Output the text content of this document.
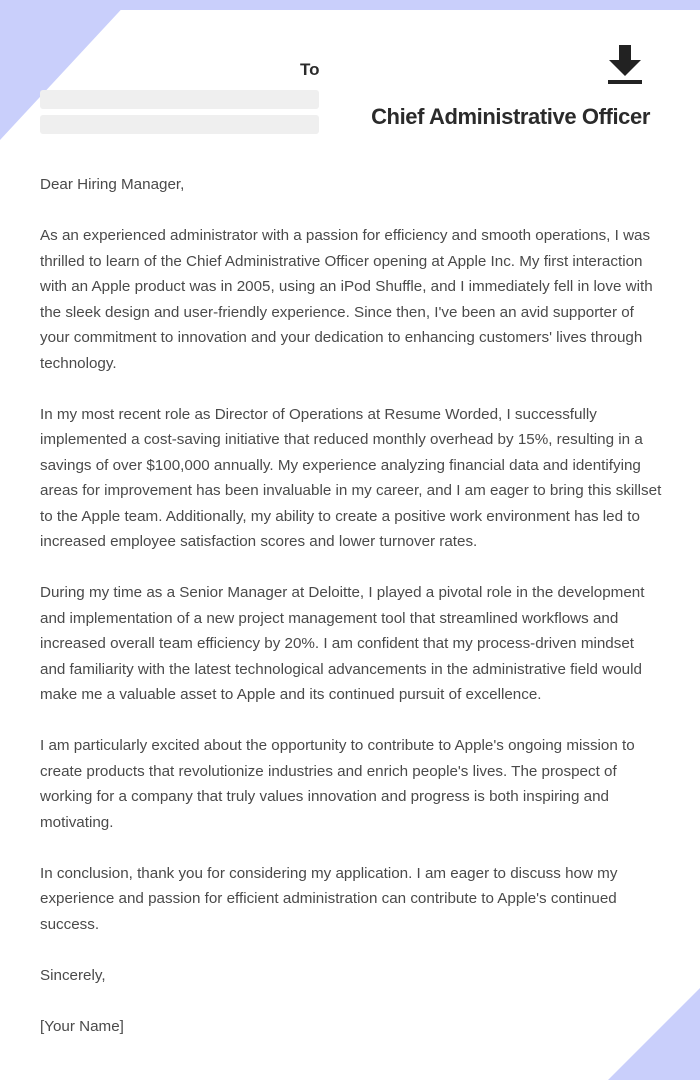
To
Chief Administrative Officer

Dear Hiring Manager,

As an experienced administrator with a passion for efficiency and smooth operations, I was thrilled to learn of the Chief Administrative Officer opening at Apple Inc. My first interaction with an Apple product was in 2005, using an iPod Shuffle, and I immediately fell in love with the sleek design and user-friendly experience. Since then, I've been an avid supporter of your commitment to innovation and your dedication to enhancing customers' lives through technology.

In my most recent role as Director of Operations at Resume Worded, I successfully implemented a cost-saving initiative that reduced monthly overhead by 15%, resulting in a savings of over $100,000 annually. My experience analyzing financial data and identifying areas for improvement has been invaluable in my career, and I am eager to bring this skillset to the Apple team. Additionally, my ability to create a positive work environment has led to increased employee satisfaction scores and lower turnover rates.

During my time as a Senior Manager at Deloitte, I played a pivotal role in the development and implementation of a new project management tool that streamlined workflows and increased overall team efficiency by 20%. I am confident that my process-driven mindset and familiarity with the latest technological advancements in the administrative field would make me a valuable asset to Apple and its continued pursuit of excellence.

I am particularly excited about the opportunity to contribute to Apple's ongoing mission to create products that revolutionize industries and enrich people's lives. The prospect of working for a company that truly values innovation and progress is both inspiring and motivating.

In conclusion, thank you for considering my application. I am eager to discuss how my experience and passion for efficient administration can contribute to Apple's continued success.

Sincerely,

[Your Name]
